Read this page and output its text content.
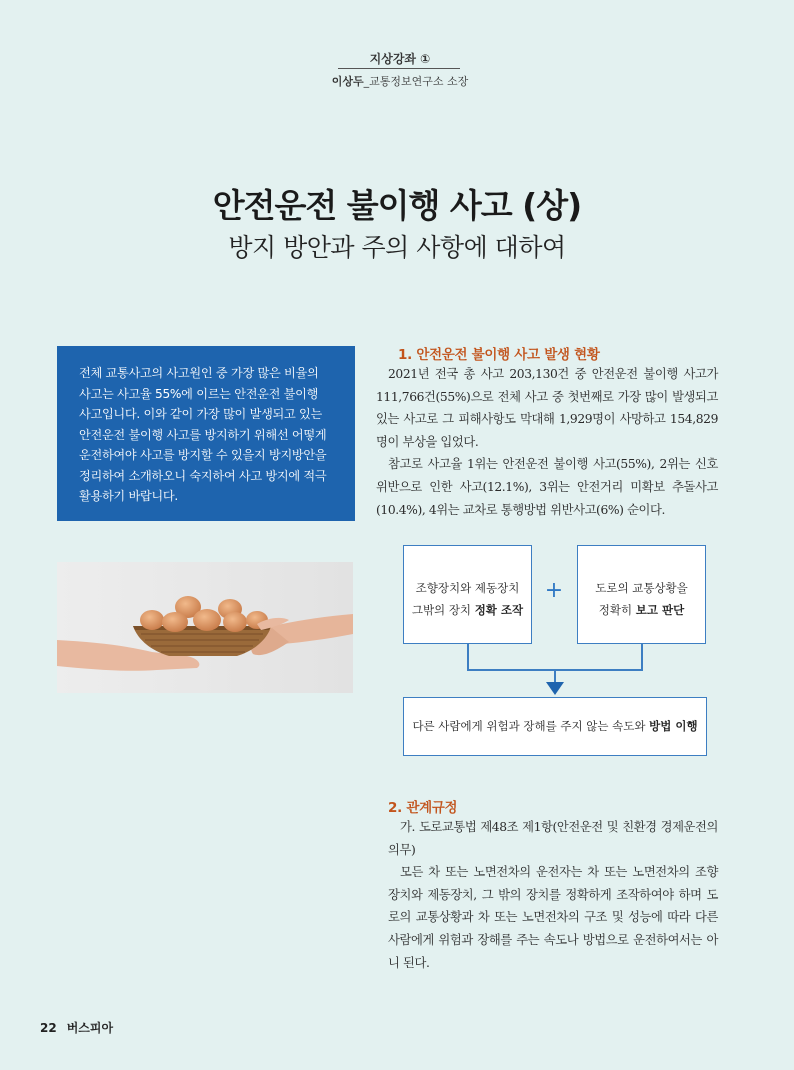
지상강좌 ①
이상두_교통정보연구소 소장
안전운전 불이행 사고 (상)
방지 방안과 주의 사항에 대하여

전체 교통사고의 사고원인 중 가장 많은 비율의
사고는 사고율 55%에 이르는 안전운전 불이행
사고입니다. 이와 같이 가장 많이 발생되고 있는
안전운전 불이행 사고를 방지하기 위해선 어떻게
운전하여야 사고를 방지할 수 있을지 방지방안을
정리하여 소개하오니 숙지하여 사고 방지에 적극
활용하기 바랍니다.

1. 안전운전 불이행 사고 발생 현황

2021년 전국 총 사고 203,130건 중 안전운전 불이행 사고가 111,766건(55%)으로 전체 사고 중 첫번째로 가장 많이 발생되고 있는 사고로 그 피해사항도 막대해 1,929명이 사망하고 154,829명이 부상을 입었다.

참고로 사고율 1위는 안전운전 불이행 사고(55%), 2위는 신호위반으로 인한 사고(12.1%), 3위는 안전거리 미확보 추돌사고(10.4%), 4위는 교차로 통행방법 위반사고(6%) 순이다.

조향장치와 제동장치
그밖의 장치 정확 조작
+	도로의 교통상황을
정확히 보고 판단
다른 사람에게 위험과 장해를 주지 않는 속도와 방법 이행
2. 관계규정

가. 도로교통법 제48조 제1항(안전운전 및 친환경 경제운전의 의무)

모든 차 또는 노면전차의 운전자는 차 또는 노면전차의 조향 장치와 제동장치, 그 밖의 장치를 정확하게 조작하여야 하며 도로의 교통상황과 차 또는 노면전차의 구조 및 성능에 따라 다른 사람에게 위험과 장해를 주는 속도나 방법으로 운전하여서는 아니 된다.

22 버스피아
